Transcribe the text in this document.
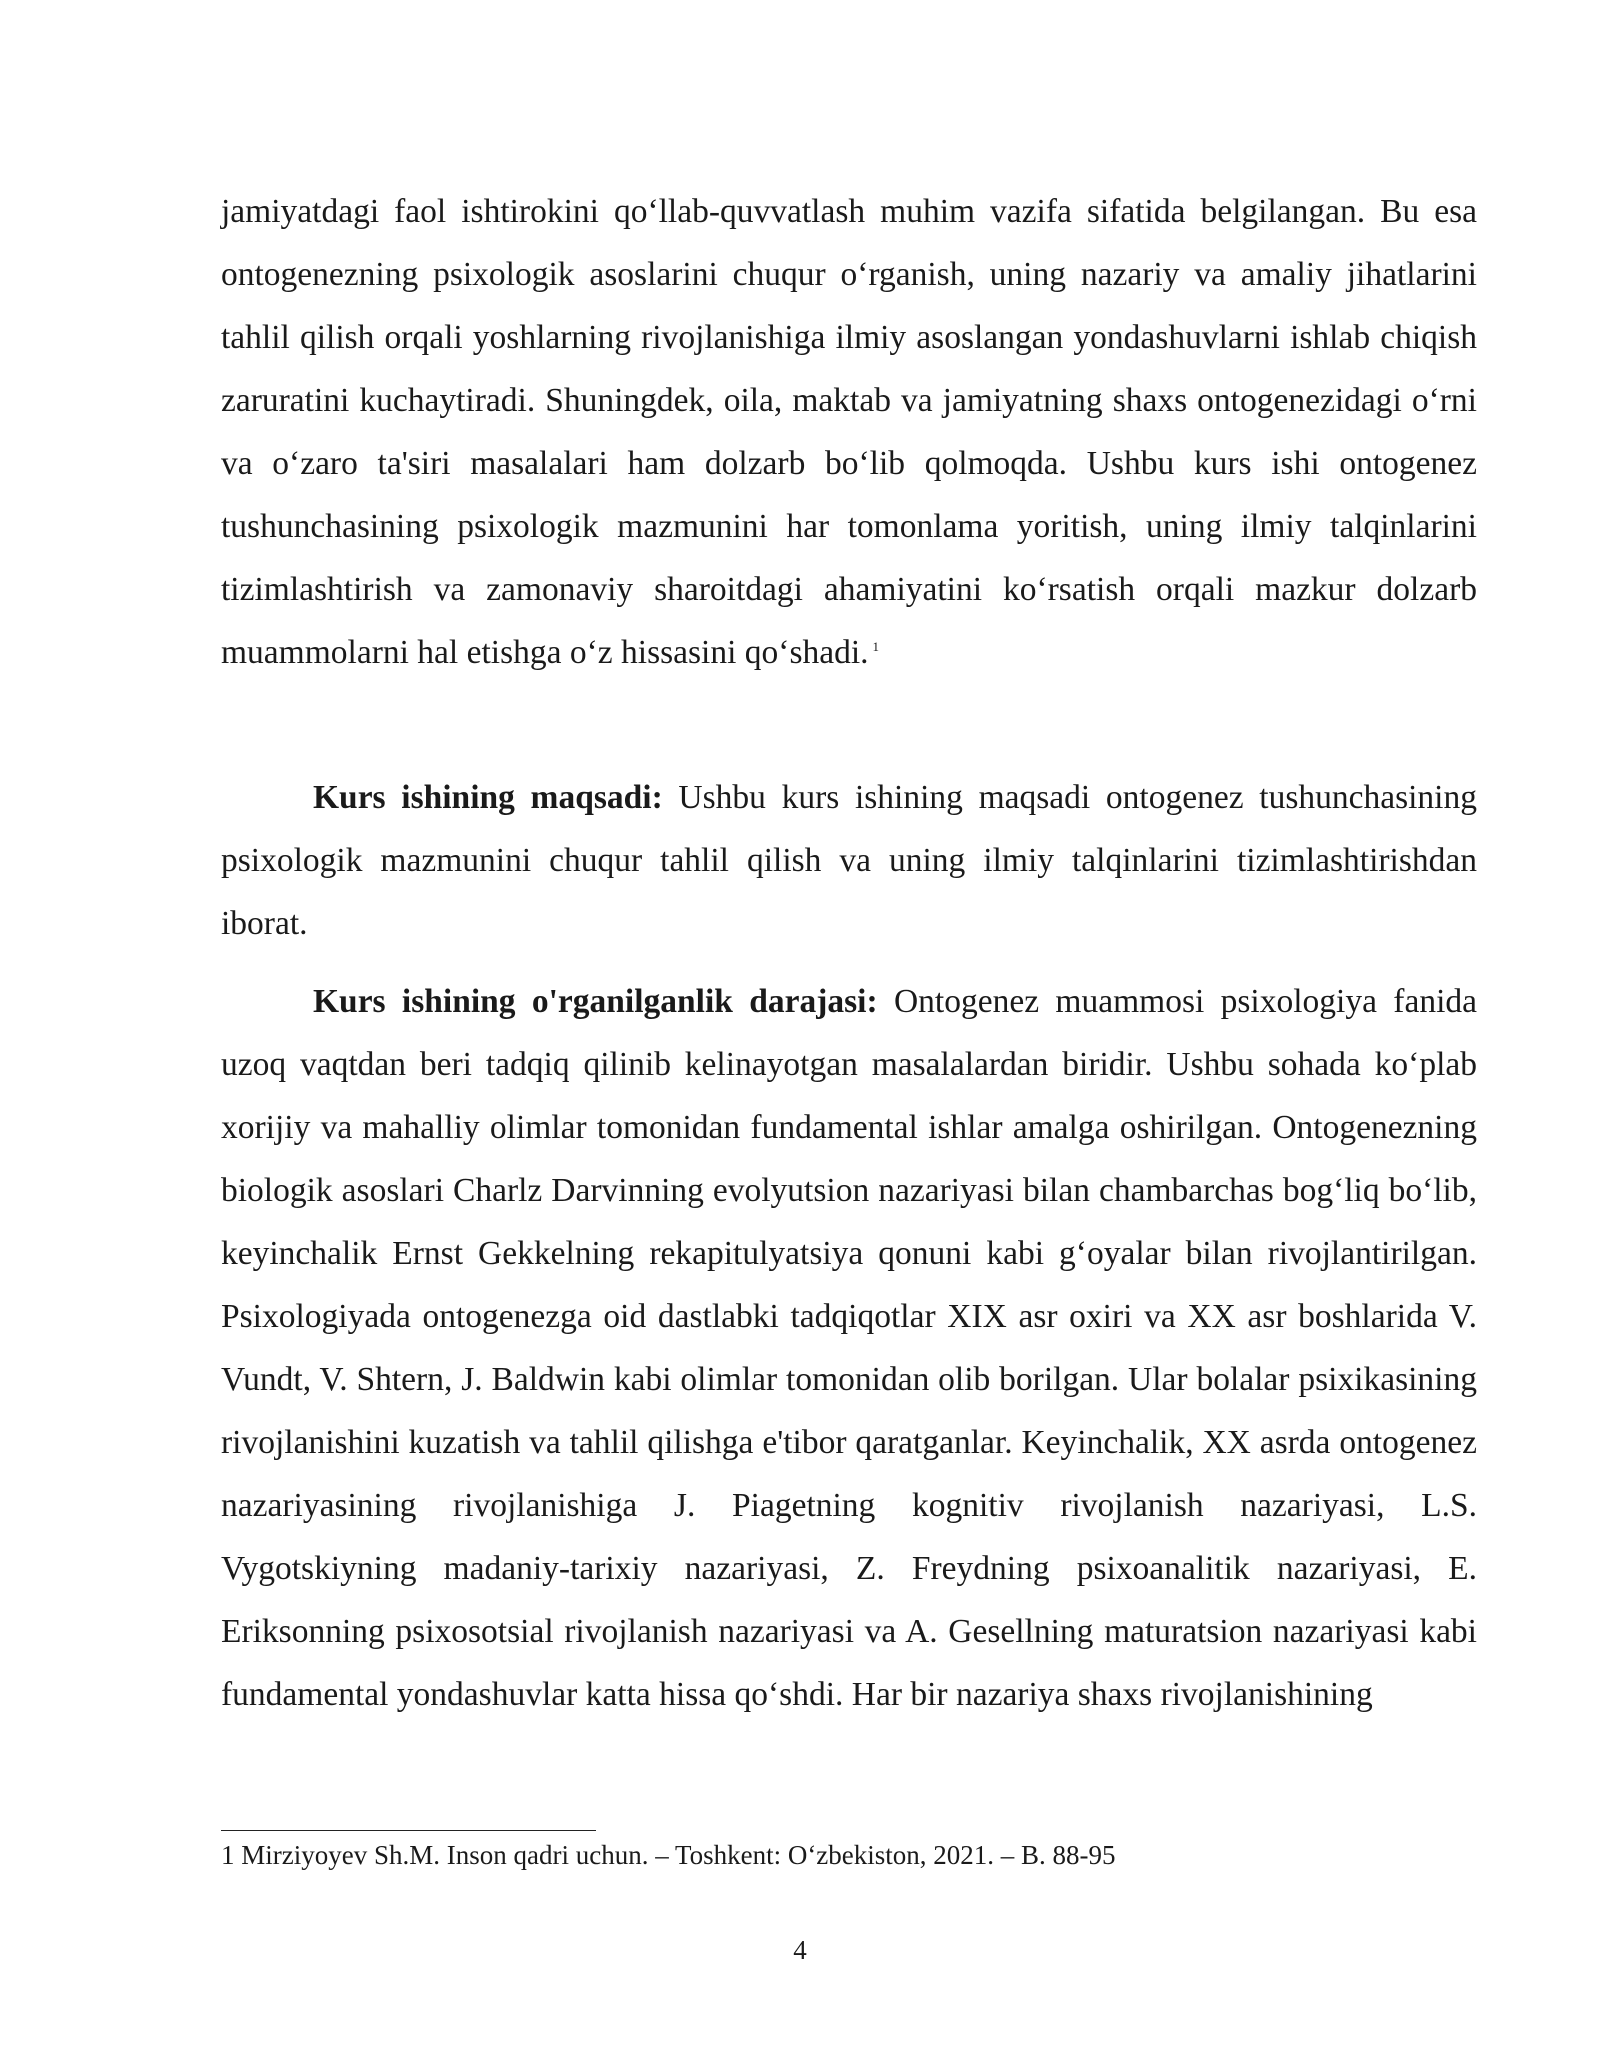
jamiyatdagi faol ishtirokini qo‘llab-quvvatlash muhim vazifa sifatida belgilangan. Bu esa ontogenezning psixologik asoslarini chuqur o‘rganish, uning nazariy va amaliy jihatlarini tahlil qilish orqali yoshlarning rivojlanishiga ilmiy asoslangan yondashuvlarni ishlab chiqish zaruratini kuchaytiradi. Shuningdek, oila, maktab va jamiyatning shaxs ontogenezidagi o‘rni va o‘zaro ta'siri masalalari ham dolzarb bo‘lib qolmoqda. Ushbu kurs ishi ontogenez tushunchasining psixologik mazmunini har tomonlama yoritish, uning ilmiy talqinlarini tizimlashtirish va zamonaviy sharoitdagi ahamiyatini ko‘rsatish orqali mazkur dolzarb muammolarni hal etishga o‘z hissasini qo‘shadi. $^1$

Kurs ishining maqsadi: Ushbu kurs ishining maqsadi ontogenez tushunchasining psixologik mazmunini chuqur tahlil qilish va uning ilmiy talqinlarini tizimlashtirishdan iborat.

Kurs ishining o'rganilganlik darajasi: Ontogenez muammosi psixologiya fanida uzoq vaqtdan beri tadqiq qilinib kelinayotgan masalalardan biridir. Ushbu sohada ko‘plab xorijiy va mahalliy olimlar tomonidan fundamental ishlar amalga oshirilgan. Ontogenezning biologik asoslari Charlz Darvinning evolyutsion nazariyasi bilan chambarchas bog‘liq bo‘lib, keyinchalik Ernst Gekkelning rekapitulyatsiya qonuni kabi g‘oyalar bilan rivojlantirilgan. Psixologiyada ontogenezga oid dastlabki tadqiqotlar XIX asr oxiri va XX asr boshlarida V. Vundt, V. Shtern, J. Baldwin kabi olimlar tomonidan olib borilgan. Ular bolalar psixikasining rivojlanishini kuzatish va tahlil qilishga e'tibor qaratganlar. Keyinchalik, XX asrda ontogenez nazariyasining rivojlanishiga J. Piagetning kognitiv rivojlanish nazariyasi, L.S. Vygotskiyning madaniy-tarixiy nazariyasi, Z. Freydning psixoanalitik nazariyasi, E. Eriksonning psixosotsial rivojlanish nazariyasi va A. Gesellning maturatsion nazariyasi kabi fundamental yondashuvlar katta hissa qo‘shdi. Har bir nazariya shaxs rivojlanishining

1 Mirziyoyev Sh.M. Inson qadri uchun. – Toshkent: O‘zbekiston, 2021. – B. 88-95
4
